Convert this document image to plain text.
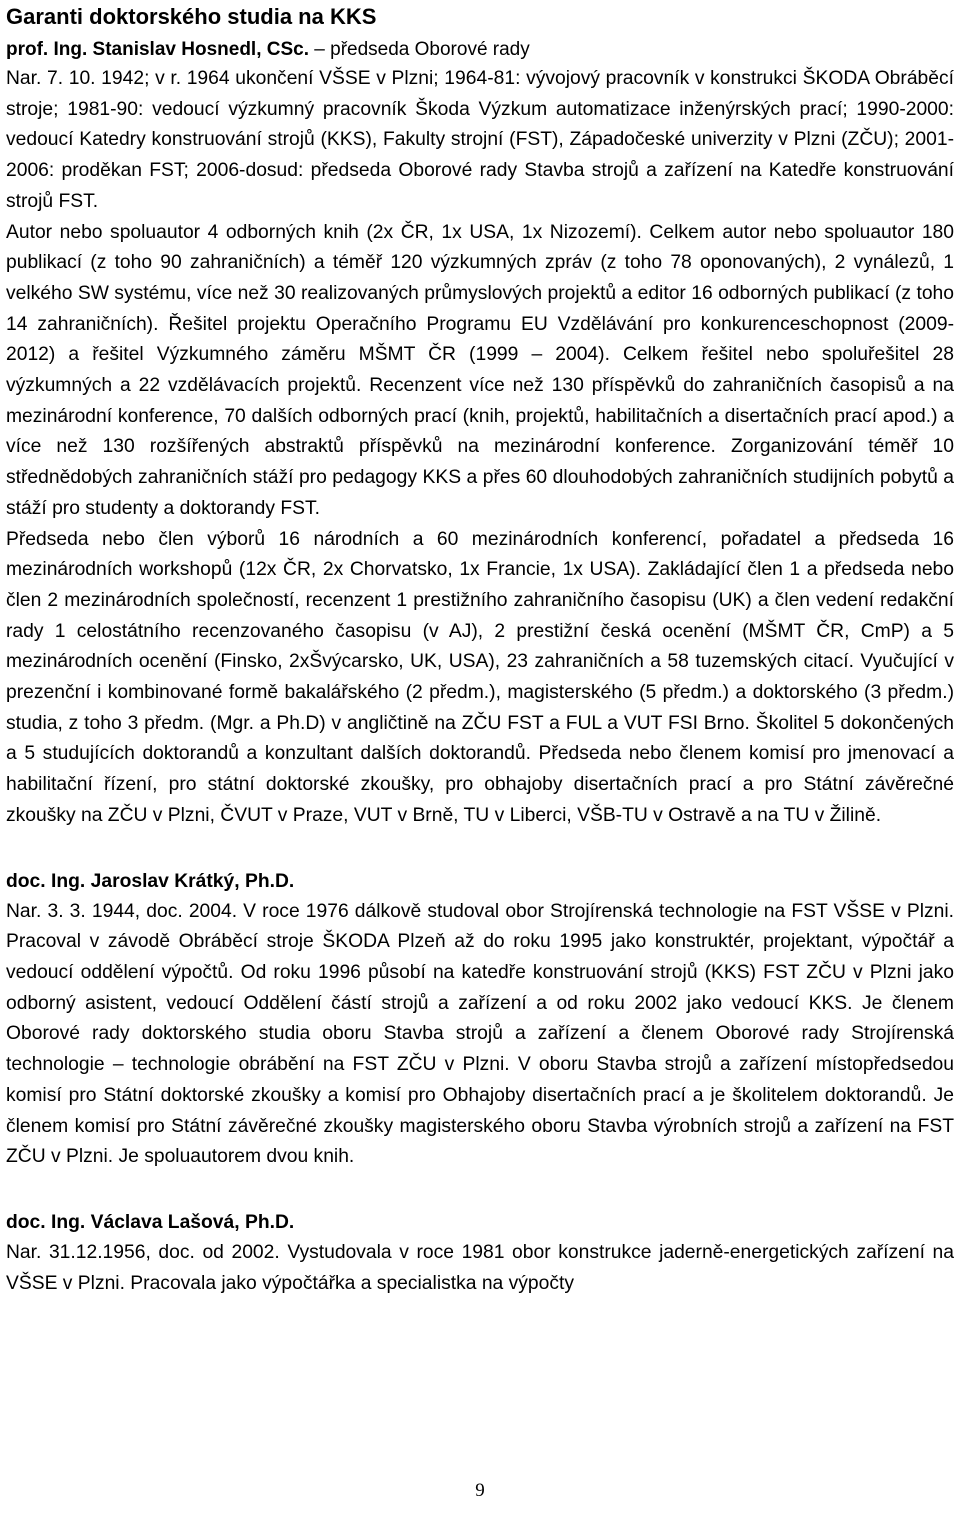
Garanti doktorského studia na KKS
prof. Ing. Stanislav Hosnedl, CSc. – předseda Oborové rady

Nar. 7. 10. 1942; v r. 1964 ukončení VŠSE v Plzni; 1964-81: vývojový pracovník v konstrukci ŠKODA Obráběcí stroje; 1981-90: vedoucí výzkumný pracovník Škoda Výzkum automatizace inženýrských prací; 1990-2000: vedoucí Katedry konstruování strojů (KKS), Fakulty strojní (FST), Západočeské univerzity v Plzni (ZČU); 2001-2006: proděkan FST; 2006-dosud: předseda Oborové rady Stavba strojů a zařízení na Katedře konstruování strojů FST.

Autor nebo spoluautor 4 odborných knih (2x ČR, 1x USA, 1x Nizozemí). Celkem autor nebo spoluautor 180 publikací (z toho 90 zahraničních) a téměř 120 výzkumných zpráv (z toho 78 oponovaných), 2 vynálezů, 1 velkého SW systému, více než 30 realizovaných průmyslových projektů a editor 16 odborných publikací (z toho 14 zahraničních). Řešitel projektu Operačního Programu EU Vzdělávání pro konkurenceschopnost (2009-2012) a řešitel Výzkumného záměru MŠMT ČR (1999 – 2004). Celkem řešitel nebo spoluřešitel 28 výzkumných a 22 vzdělávacích projektů. Recenzent více než 130 příspěvků do zahraničních časopisů a na mezinárodní konference, 70 dalších odborných prací (knih, projektů, habilitačních a disertačních prací apod.) a více než 130 rozšířených abstraktů příspěvků na mezinárodní konference. Zorganizování téměř 10 střednědobých zahraničních stáží pro pedagogy KKS a přes 60 dlouhodobých zahraničních studijních pobytů a stáží pro studenty a doktorandy FST.

Předseda nebo člen výborů 16 národních a 60 mezinárodních konferencí, pořadatel a předseda 16 mezinárodních workshopů (12x ČR, 2x Chorvatsko, 1x Francie, 1x USA). Zakládající člen 1 a předseda nebo člen 2 mezinárodních společností, recenzent 1 prestižního zahraničního časopisu (UK) a člen vedení redakční rady 1 celostátního recenzovaného časopisu (v AJ), 2 prestižní česká ocenění (MŠMT ČR, CmP) a 5 mezinárodních ocenění (Finsko, 2xŠvýcarsko, UK, USA), 23 zahraničních a 58 tuzemských citací. Vyučující v prezenční i kombinované formě bakalářského (2 předm.), magisterského (5 předm.) a doktorského (3 předm.) studia, z toho 3 předm. (Mgr. a Ph.D) v angličtině na ZČU FST a FUL a VUT FSI Brno. Školitel 5 dokončených a 5 studujících doktorandů a konzultant dalších doktorandů. Předseda nebo členem komisí pro jmenovací a habilitační řízení, pro státní doktorské zkoušky, pro obhajoby disertačních prací a pro Státní závěrečné zkoušky na ZČU v Plzni, ČVUT v Praze, VUT v Brně, TU v Liberci, VŠB-TU v Ostravě a na TU v Žilině.

doc. Ing. Jaroslav Krátký, Ph.D.

Nar. 3. 3. 1944, doc. 2004. V roce 1976 dálkově studoval obor Strojírenská technologie na FST VŠSE v Plzni. Pracoval v závodě Obráběcí stroje ŠKODA Plzeň až do roku 1995 jako konstruktér, projektant, výpočtář a vedoucí oddělení výpočtů. Od roku 1996 působí na katedře konstruování strojů (KKS) FST ZČU v Plzni jako odborný asistent, vedoucí Oddělení částí strojů a zařízení a od roku 2002 jako vedoucí KKS. Je členem Oborové rady doktorského studia oboru Stavba strojů a zařízení a členem Oborové rady Strojírenská technologie – technologie obrábění na FST ZČU v Plzni. V oboru Stavba strojů a zařízení místopředsedou komisí pro Státní doktorské zkoušky a komisí pro Obhajoby disertačních prací a je školitelem doktorandů. Je členem komisí pro Státní závěrečné zkoušky magisterského oboru Stavba výrobních strojů a zařízení na FST ZČU v Plzni. Je spoluautorem dvou knih.

doc. Ing. Václava Lašová, Ph.D.

Nar. 31.12.1956, doc. od 2002. Vystudovala v roce 1981 obor konstrukce jaderně-energetických zařízení na VŠSE v Plzni. Pracovala jako výpočtářka a specialistka na výpočty

9
